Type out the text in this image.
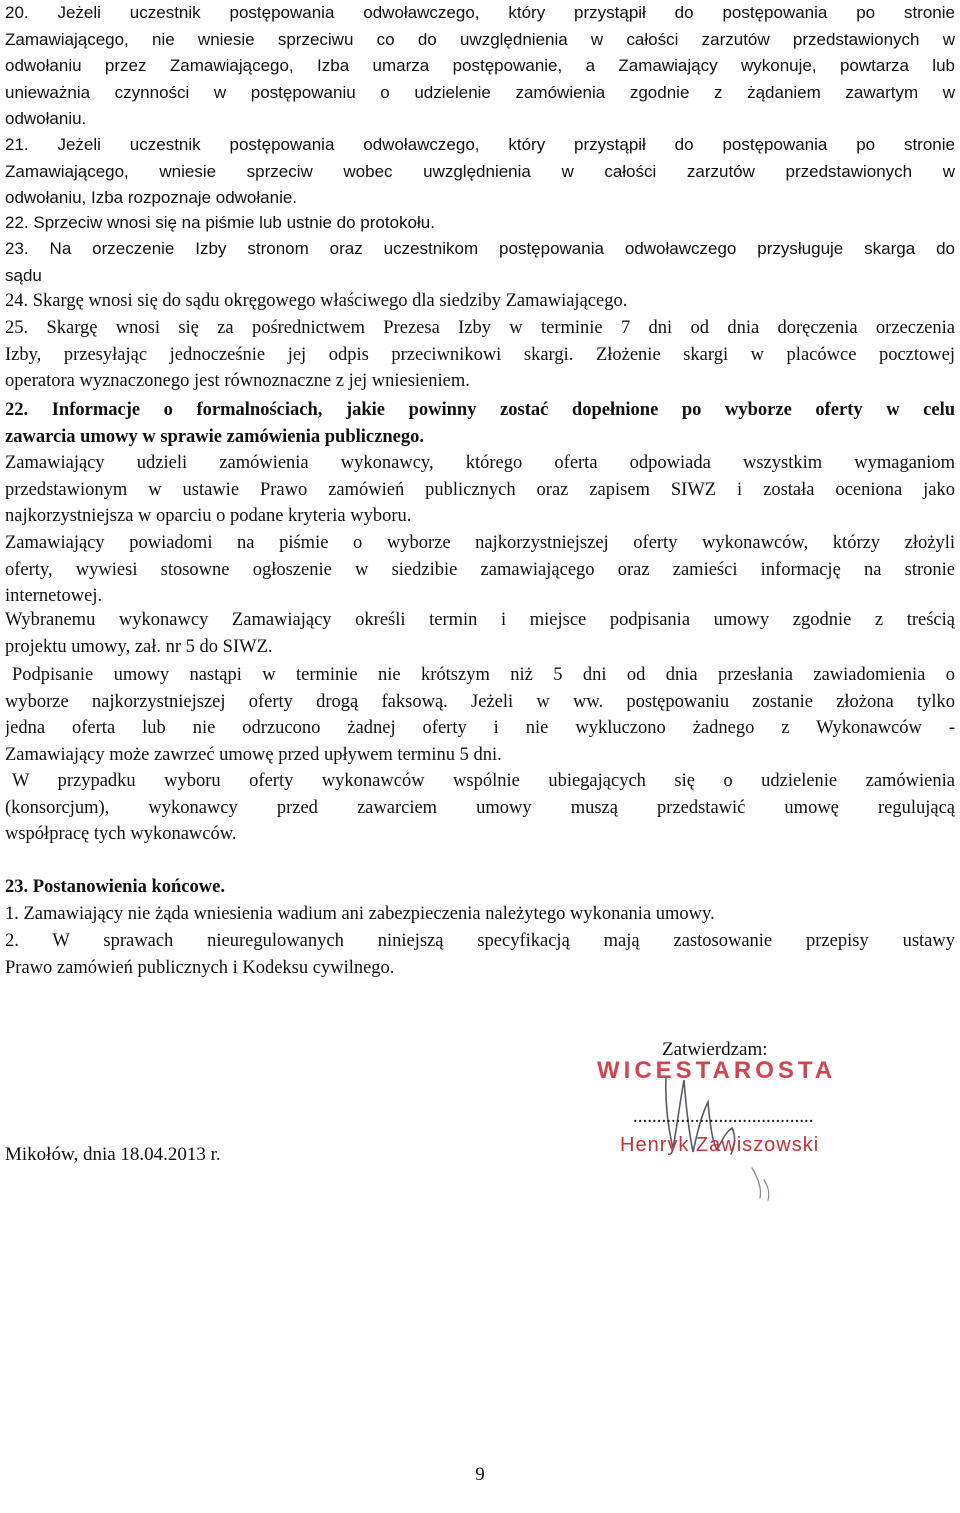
20. Jeżeli uczestnik postępowania odwoławczego, który przystąpił do postępowania po stronie
Zamawiającego, nie wniesie sprzeciwu co do uwzględnienia w całości zarzutów przedstawionych w
odwołaniu przez Zamawiającego, Izba umarza postępowanie, a Zamawiający wykonuje, powtarza lub
unieważnia czynności w postępowaniu o udzielenie zamówienia zgodnie z żądaniem zawartym w
odwołaniu.
21. Jeżeli uczestnik postępowania odwoławczego, który przystąpił do postępowania po stronie
Zamawiającego, wniesie sprzeciw wobec uwzględnienia w całości zarzutów przedstawionych w
odwołaniu, Izba rozpoznaje odwołanie.
22. Sprzeciw wnosi się na piśmie lub ustnie do protokołu.
23. Na orzeczenie Izby stronom oraz uczestnikom postępowania odwoławczego przysługuje skarga do
sądu
24. Skargę wnosi się do sądu okręgowego właściwego dla siedziby Zamawiającego.
25. Skargę wnosi się za pośrednictwem Prezesa Izby w terminie 7 dni od dnia doręczenia orzeczenia
Izby, przesyłając jednocześnie jej odpis przeciwnikowi skargi. Złożenie skargi w placówce pocztowej
operatora wyznaczonego jest równoznaczne z jej wniesieniem.
22. Informacje o formalnościach, jakie powinny zostać dopełnione po wyborze oferty w celu
zawarcia umowy w sprawie zamówienia publicznego.
Zamawiający udzieli zamówienia wykonawcy, którego oferta odpowiada wszystkim wymaganiom
przedstawionym w ustawie Prawo zamówień publicznych oraz zapisem SIWZ i została oceniona jako
najkorzystniejsza w oparciu o podane kryteria wyboru.
Zamawiający powiadomi na piśmie o wyborze najkorzystniejszej oferty wykonawców, którzy złożyli
oferty, wywiesi stosowne ogłoszenie w siedzibie zamawiającego oraz zamieści informację na stronie
internetowej.
Wybranemu wykonawcy Zamawiający określi termin i miejsce podpisania umowy zgodnie z treścią
projektu umowy, zał. nr 5 do SIWZ.
Podpisanie umowy nastąpi w terminie nie krótszym niż 5 dni od dnia przesłania zawiadomienia o
wyborze najkorzystniejszej oferty drogą faksową. Jeżeli w ww. postępowaniu zostanie złożona tylko
jedna oferta lub nie odrzucono żadnej oferty i nie wykluczono żadnego z Wykonawców -
Zamawiający może zawrzeć umowę przed upływem terminu 5 dni.
W przypadku wyboru oferty wykonawców wspólnie ubiegających się o udzielenie zamówienia
(konsorcjum), wykonawcy przed zawarciem umowy muszą przedstawić umowę regulującą
współpracę tych wykonawców.
23. Postanowienia końcowe.
1. Zamawiający nie żąda wniesienia wadium ani zabezpieczenia należytego wykonania umowy.
2. W sprawach nieuregulowanych niniejszą specyfikacją mają zastosowanie przepisy ustawy
Prawo zamówień publicznych i Kodeksu cywilnego.
Zatwierdzam:
WICESTAROSTA
......................................
Henryk Zawiszowski
Mikołów, dnia 18.04.2013 r.
9
